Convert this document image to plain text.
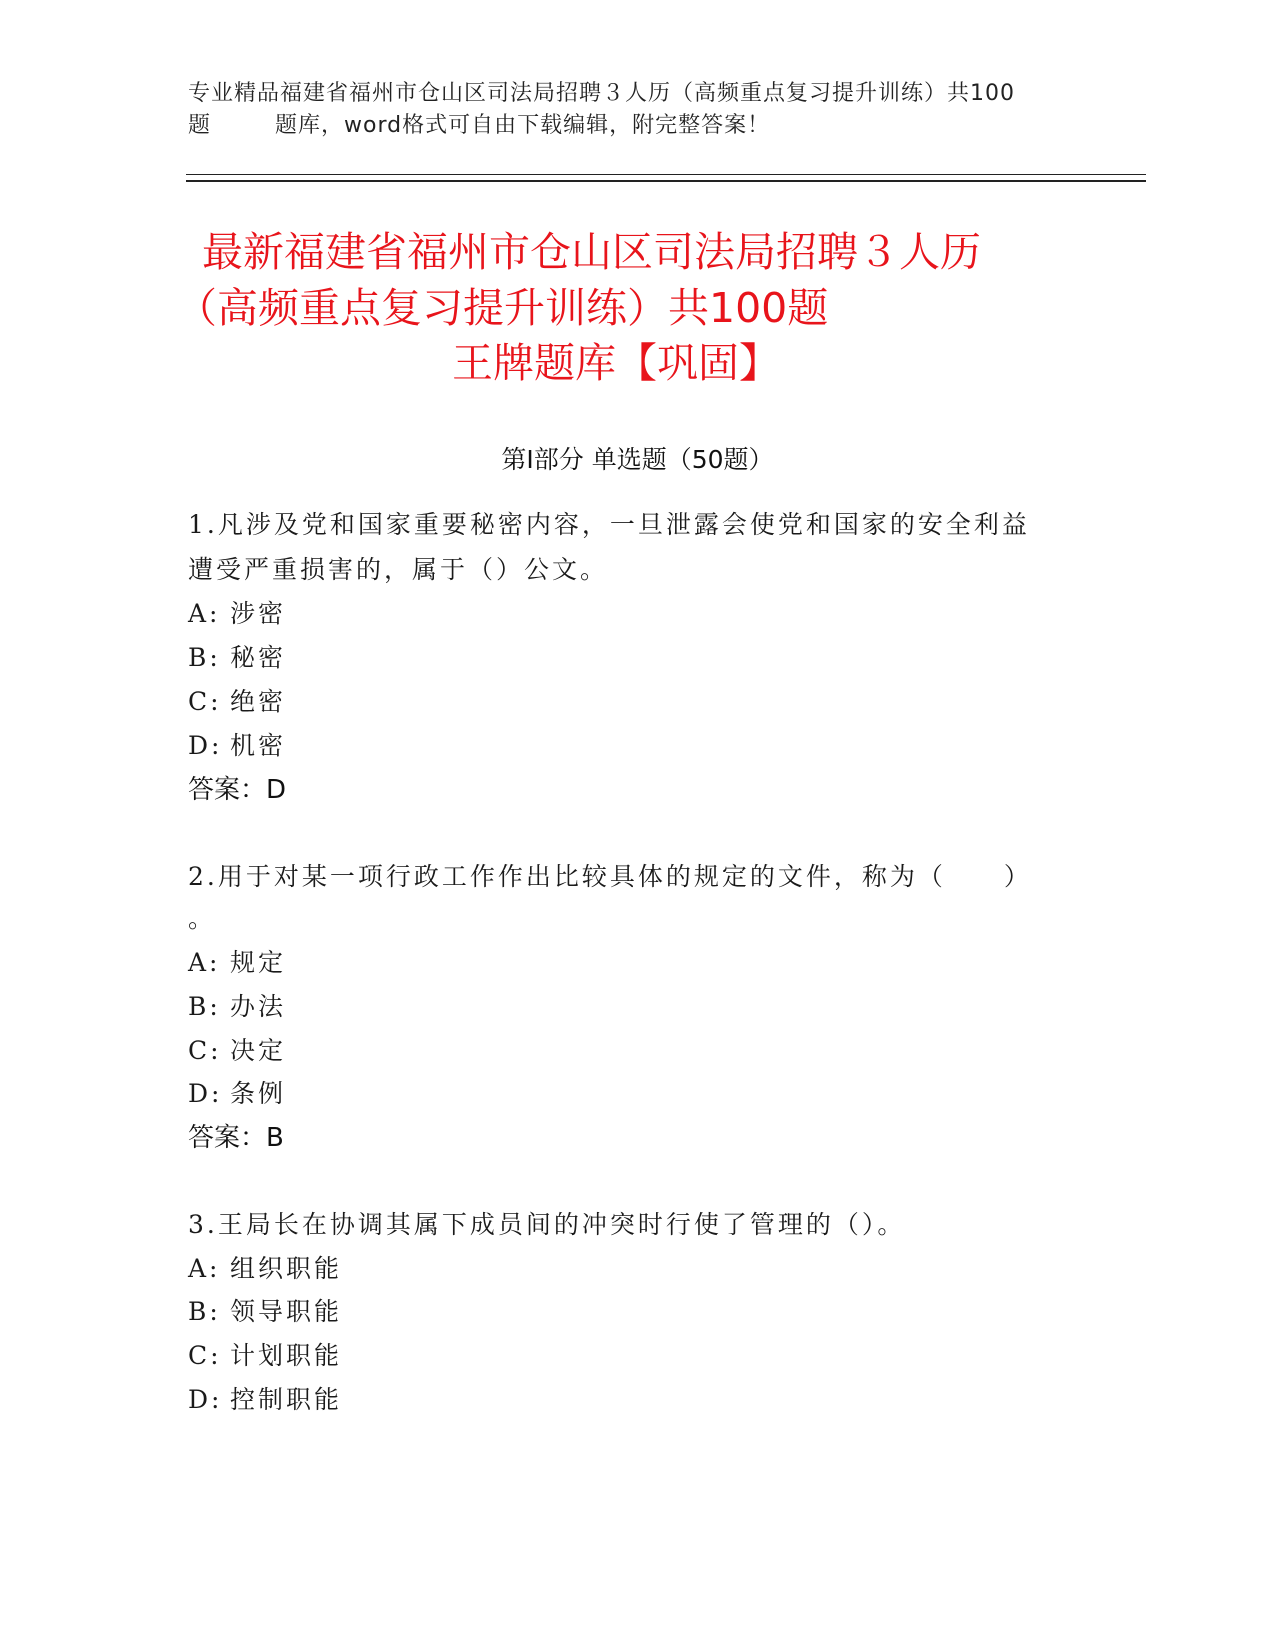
专业精品福建省福州市仓山区司法局招聘３人历（高频重点复习提升训练）共100
题	题库，word格式可自由下载编辑，附完整答案！
最新福建省福州市仓山区司法局招聘３人历
（高频重点复习提升训练）共100题
王牌题库【巩固】
第Ⅰ部分 单选题（50题）
1.凡涉及党和国家重要秘密内容，一旦泄露会使党和国家的安全利益
遭受严重损害的，属于（）公文。
A: 涉密
B: 秘密
C: 绝密
D: 机密
答案：D
2.用于对某一项行政工作作出比较具体的规定的文件，称为（ ）
。
A: 规定
B: 办法
C: 决定
D: 条例
答案：B
3.王局长在协调其属下成员间的冲突时行使了管理的（）。
A: 组织职能
B: 领导职能
C: 计划职能
D: 控制职能
